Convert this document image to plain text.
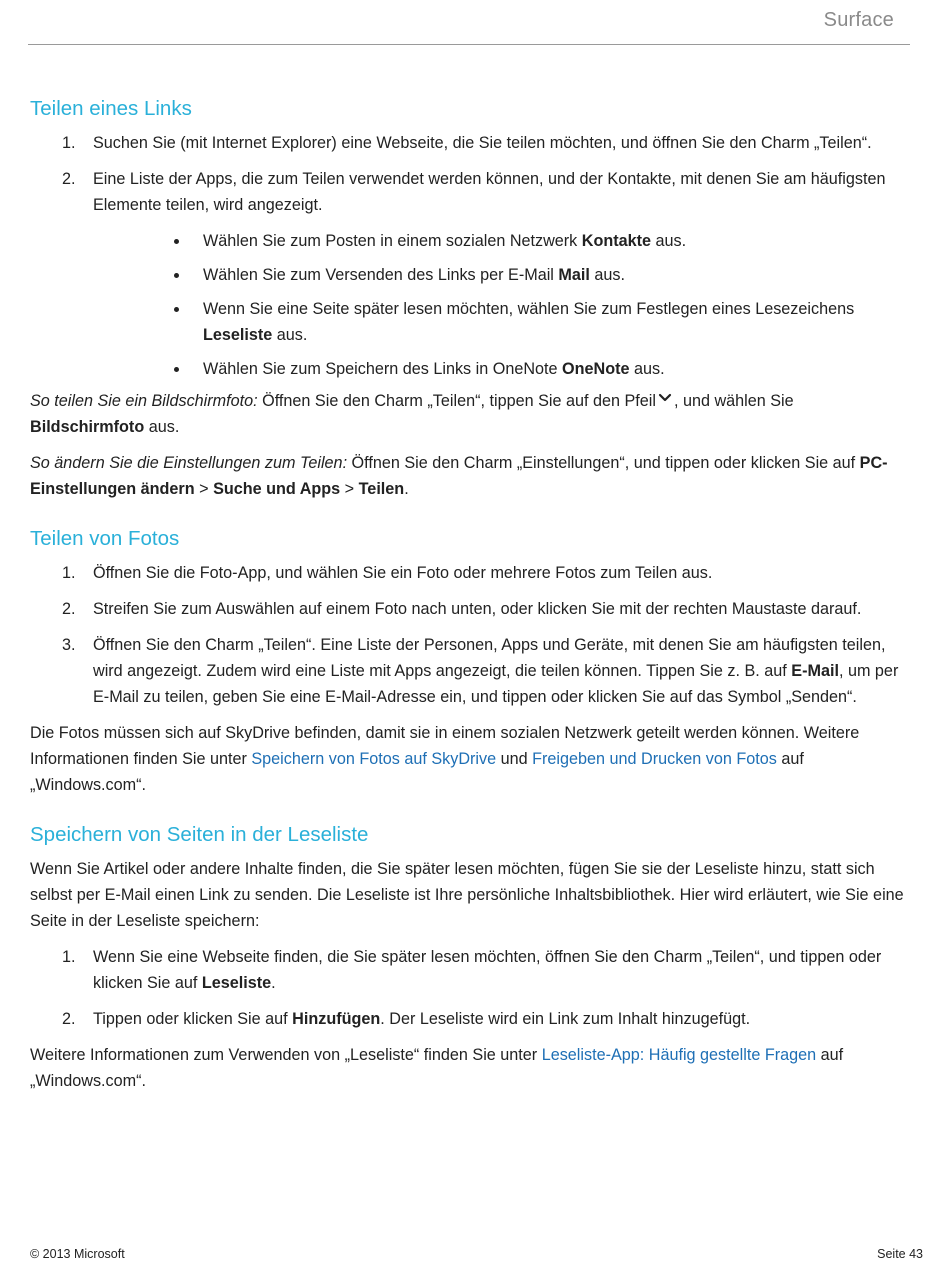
Surface
Teilen eines Links
1. Suchen Sie (mit Internet Explorer) eine Webseite, die Sie teilen möchten, und öffnen Sie den Charm „Teilen“.
2. Eine Liste der Apps, die zum Teilen verwendet werden können, und der Kontakte, mit denen Sie am häufigsten Elemente teilen, wird angezeigt.
Wählen Sie zum Posten in einem sozialen Netzwerk Kontakte aus.
Wählen Sie zum Versenden des Links per E-Mail Mail aus.
Wenn Sie eine Seite später lesen möchten, wählen Sie zum Festlegen eines Lesezeichens Leseliste aus.
Wählen Sie zum Speichern des Links in OneNote OneNote aus.

So teilen Sie ein Bildschirmfoto: Öffnen Sie den Charm „Teilen“, tippen Sie auf den Pfeil , und wählen Sie Bildschirmfoto aus.

So ändern Sie die Einstellungen zum Teilen: Öffnen Sie den Charm „Einstellungen“, und tippen oder klicken Sie auf PC-Einstellungen ändern > Suche und Apps > Teilen.

Teilen von Fotos
1. Öffnen Sie die Foto-App, und wählen Sie ein Foto oder mehrere Fotos zum Teilen aus.
2. Streifen Sie zum Auswählen auf einem Foto nach unten, oder klicken Sie mit der rechten Maustaste darauf.
3. Öffnen Sie den Charm „Teilen“. Eine Liste der Personen, Apps und Geräte, mit denen Sie am häufigsten teilen, wird angezeigt. Zudem wird eine Liste mit Apps angezeigt, die teilen können. Tippen Sie z. B. auf E-Mail, um per E-Mail zu teilen, geben Sie eine E-Mail-Adresse ein, und tippen oder klicken Sie auf das Symbol „Senden“.

Die Fotos müssen sich auf SkyDrive befinden, damit sie in einem sozialen Netzwerk geteilt werden können. Weitere Informationen finden Sie unter Speichern von Fotos auf SkyDrive und Freigeben und Drucken von Fotos auf „Windows.com“.

Speichern von Seiten in der Leseliste

Wenn Sie Artikel oder andere Inhalte finden, die Sie später lesen möchten, fügen Sie sie der Leseliste hinzu, statt sich selbst per E-Mail einen Link zu senden. Die Leseliste ist Ihre persönliche Inhaltsbibliothek. Hier wird erläutert, wie Sie eine Seite in der Leseliste speichern:

1. Wenn Sie eine Webseite finden, die Sie später lesen möchten, öffnen Sie den Charm „Teilen“, und tippen oder klicken Sie auf Leseliste.
2. Tippen oder klicken Sie auf Hinzufügen. Der Leseliste wird ein Link zum Inhalt hinzugefügt.

Weitere Informationen zum Verwenden von „Leseliste“ finden Sie unter Leseliste-App: Häufig gestellte Fragen auf „Windows.com“.

© 2013 Microsoft	Seite 43
